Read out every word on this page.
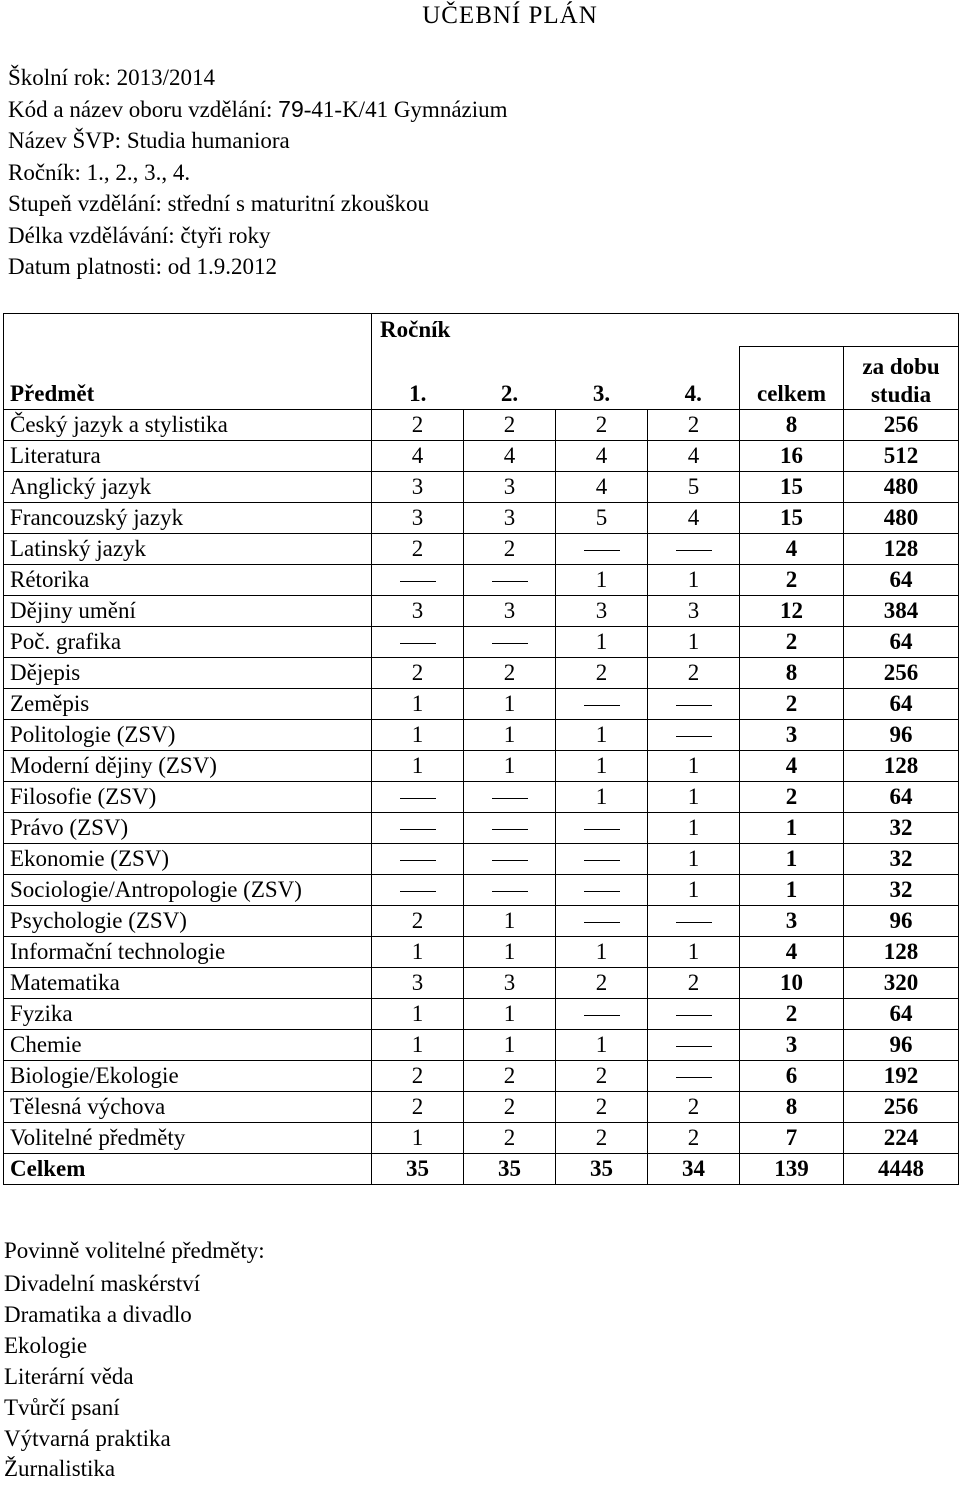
UČEBNÍ PLÁN
Školní rok: 2013/2014
Kód a název oboru vzdělání: 79-41-K/41 Gymnázium
Název ŠVP: Studia humaniora
Ročník: 1., 2., 3., 4.
Stupeň vzdělání: střední s maturitní zkouškou
Délka vzdělávání: čtyři roky
Datum platnosti: od 1.9.2012
	Ročník					
Předmět	1.	2.	3.	4.	celkem	za dobu
studia
Český jazyk a stylistika	2	2	2	2	8	256
Literatura	4	4	4	4	16	512
Anglický jazyk	3	3	4	5	15	480
Francouzský jazyk	3	3	5	4	15	480
Latinský jazyk	2	2			4	128
Rétorika			1	1	2	64
Dějiny umění	3	3	3	3	12	384
Poč. grafika			1	1	2	64
Dějepis	2	2	2	2	8	256
Zeměpis	1	1			2	64
Politologie (ZSV)	1	1	1		3	96
Moderní dějiny (ZSV)	1	1	1	1	4	128
Filosofie (ZSV)			1	1	2	64
Právo (ZSV)				1	1	32
Ekonomie (ZSV)				1	1	32
Sociologie/Antropologie (ZSV)				1	1	32
Psychologie (ZSV)	2	1			3	96
Informační technologie	1	1	1	1	4	128
Matematika	3	3	2	2	10	320
Fyzika	1	1			2	64
Chemie	1	1	1		3	96
Biologie/Ekologie	2	2	2		6	192
Tělesná výchova	2	2	2	2	8	256
Volitelné předměty	1	2	2	2	7	224
Celkem	35	35	35	34	139	4448
Povinně volitelné předměty:
Divadelní maskérství
Dramatika a divadlo
Ekologie
Literární věda
Tvůrčí psaní
Výtvarná praktika
Žurnalistika
